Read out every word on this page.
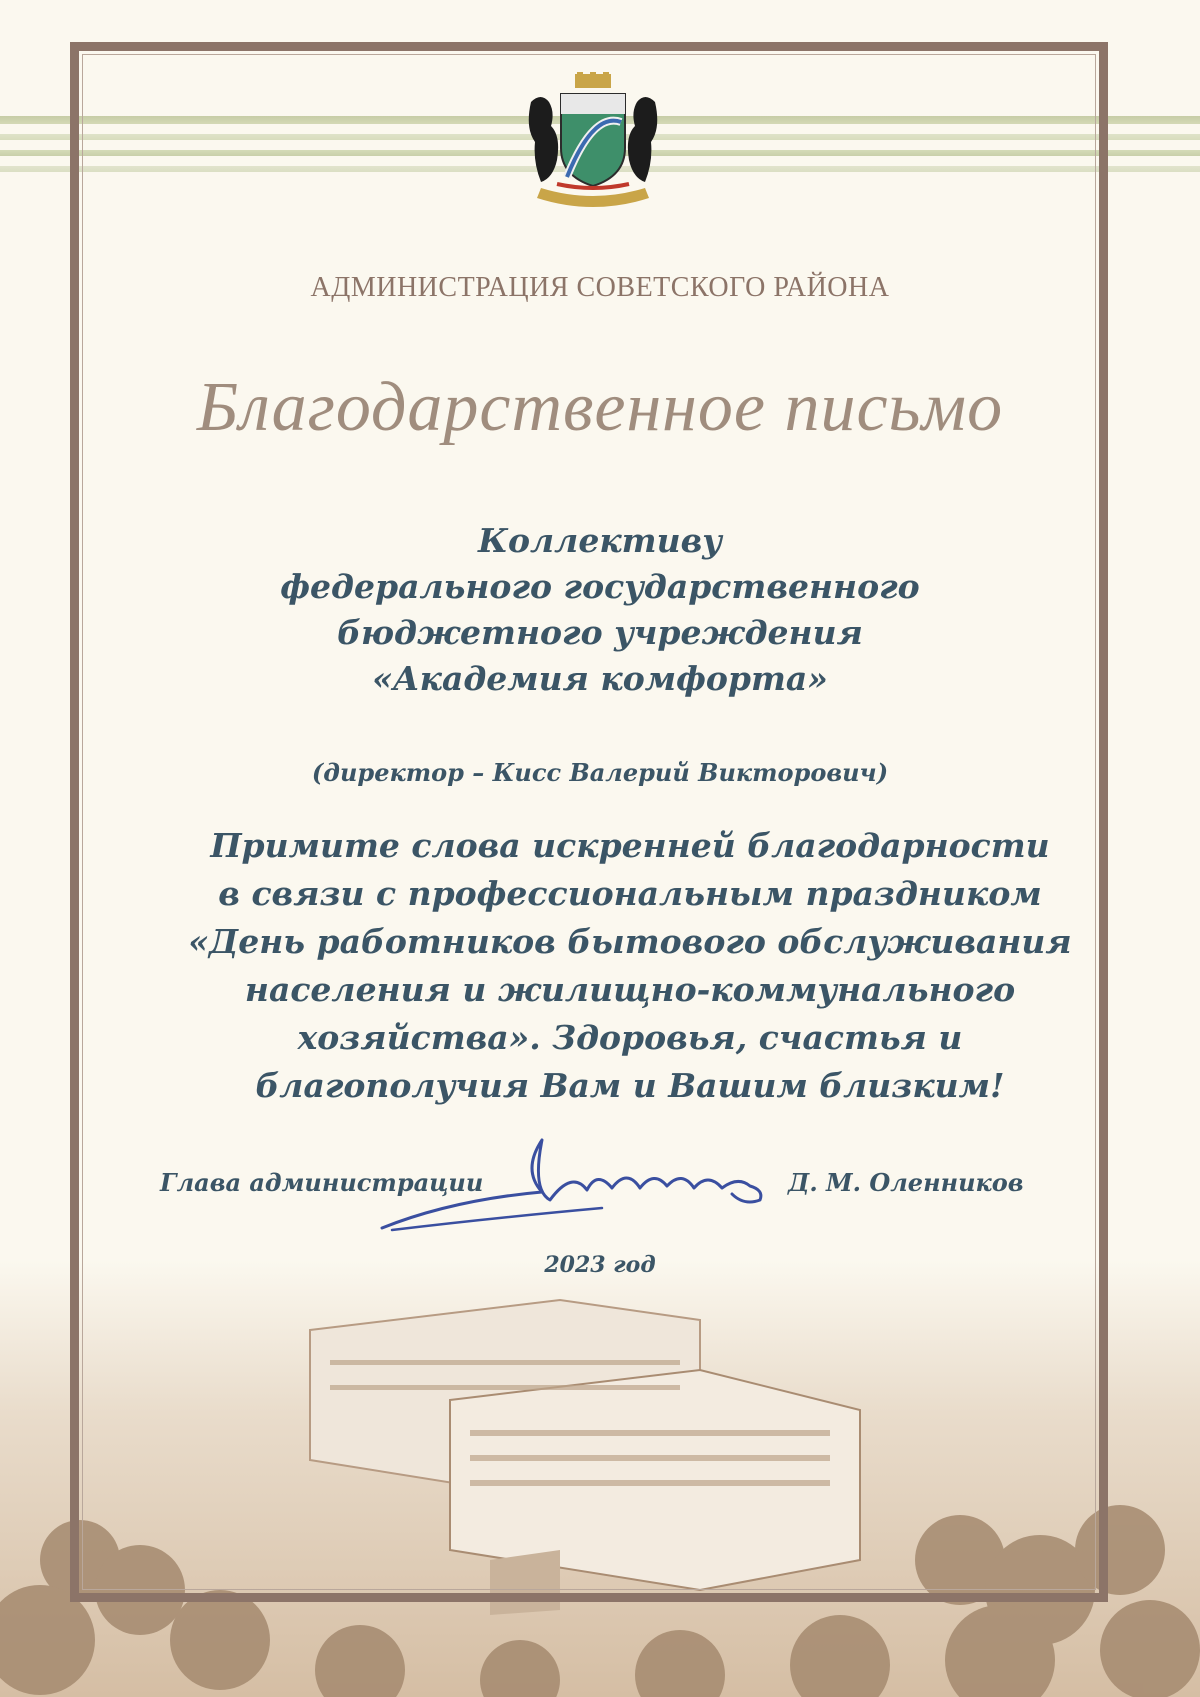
АДМИНИСТРАЦИЯ СОВЕТСКОГО РАЙОНА
Благодарственное письмо
Коллективу
федерального государственного
бюджетного учреждения
«Академия комфорта»
(директор – Кисс Валерий Викторович)
Примите слова искренней благодарности
в связи с профессиональным праздником
«День работников бытового обслуживания
населения и жилищно-коммунального
хозяйства». Здоровья, счастья и
благополучия Вам и Вашим близким!
Глава администрации	Д. М. Оленников
2023 год
